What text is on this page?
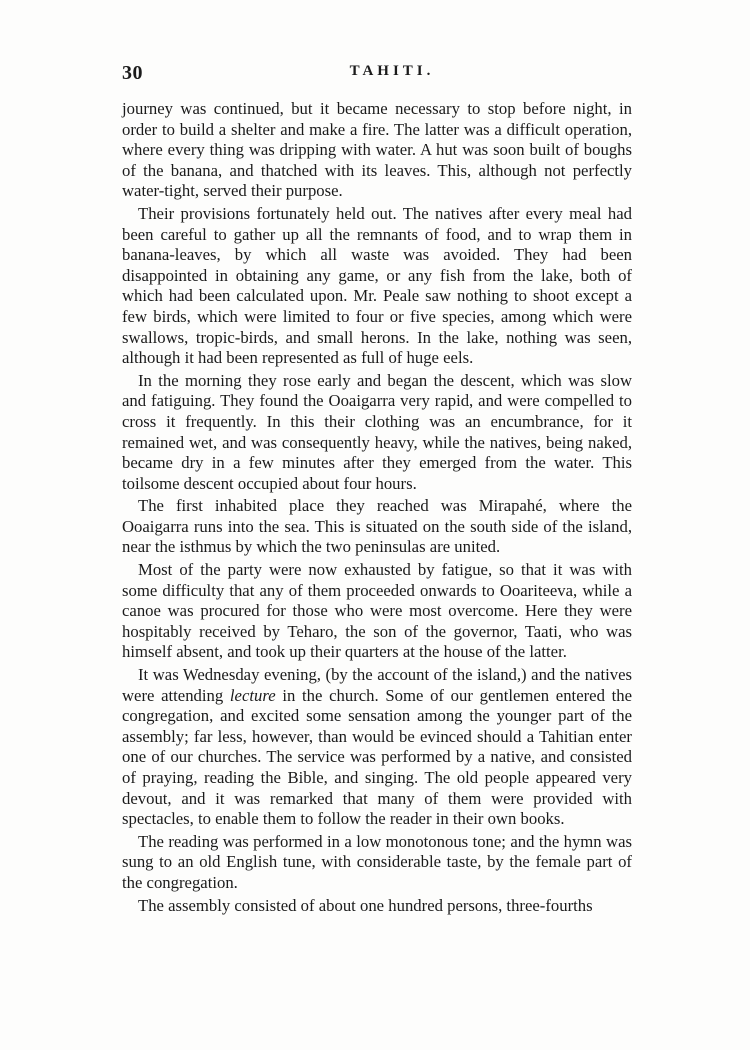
30	TAHITI.

journey was continued, but it became necessary to stop before night, in order to build a shelter and make a fire. The latter was a difficult operation, where every thing was dripping with water. A hut was soon built of boughs of the banana, and thatched with its leaves. This, although not perfectly water-tight, served their purpose.

Their provisions fortunately held out. The natives after every meal had been careful to gather up all the remnants of food, and to wrap them in banana-leaves, by which all waste was avoided. They had been disappointed in obtaining any game, or any fish from the lake, both of which had been calculated upon. Mr. Peale saw nothing to shoot except a few birds, which were limited to four or five species, among which were swallows, tropic-birds, and small herons. In the lake, nothing was seen, although it had been represented as full of huge eels.

In the morning they rose early and began the descent, which was slow and fatiguing. They found the Ooaigarra very rapid, and were compelled to cross it frequently. In this their clothing was an encumbrance, for it remained wet, and was consequently heavy, while the natives, being naked, became dry in a few minutes after they emerged from the water. This toilsome descent occupied about four hours.

The first inhabited place they reached was Mirapahé, where the Ooaigarra runs into the sea. This is situated on the south side of the island, near the isthmus by which the two peninsulas are united.

Most of the party were now exhausted by fatigue, so that it was with some difficulty that any of them proceeded onwards to Ooariteeva, while a canoe was procured for those who were most overcome. Here they were hospitably received by Teharo, the son of the governor, Taati, who was himself absent, and took up their quarters at the house of the latter.

It was Wednesday evening, (by the account of the island,) and the natives were attending lecture in the church. Some of our gentlemen entered the congregation, and excited some sensation among the younger part of the assembly; far less, however, than would be evinced should a Tahitian enter one of our churches. The service was performed by a native, and consisted of praying, reading the Bible, and singing. The old people appeared very devout, and it was remarked that many of them were provided with spectacles, to enable them to follow the reader in their own books.

The reading was performed in a low monotonous tone; and the hymn was sung to an old English tune, with considerable taste, by the female part of the congregation.

The assembly consisted of about one hundred persons, three-fourths
